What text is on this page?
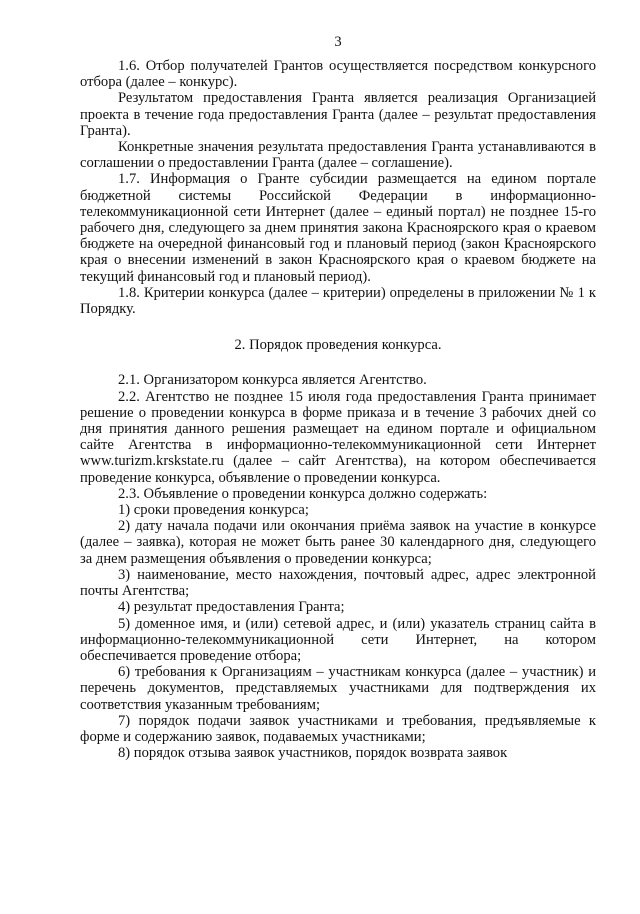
3

1.6. Отбор получателей Грантов осуществляется посредством конкурсного отбора (далее – конкурс).

Результатом предоставления Гранта является реализация Организацией проекта в течение года предоставления Гранта (далее – результат предоставления Гранта).

Конкретные значения результата предоставления Гранта устанавливаются в соглашении о предоставлении Гранта (далее – соглашение).

1.7. Информация о Гранте субсидии размещается на едином портале бюджетной системы Российской Федерации в информационно-телекоммуникационной сети Интернет (далее – единый портал) не позднее 15-го рабочего дня, следующего за днем принятия закона Красноярского края о краевом бюджете на очередной финансовый год и плановый период (закон Красноярского края о внесении изменений в закон Красноярского края о краевом бюджете на текущий финансовый год и плановый период).

1.8. Критерии конкурса (далее – критерии) определены в приложении № 1 к Порядку.

2. Порядок проведения конкурса.

2.1. Организатором конкурса является Агентство.

2.2. Агентство не позднее 15 июля года предоставления Гранта принимает решение о проведении конкурса в форме приказа и в течение 3 рабочих дней со дня принятия данного решения размещает на едином портале и официальном сайте Агентства в информационно-телекоммуникационной сети Интернет www.turizm.krskstate.ru (далее – сайт Агентства), на котором обеспечивается проведение конкурса, объявление о проведении конкурса.

2.3. Объявление о проведении конкурса должно содержать:

1) сроки проведения конкурса;

2) дату начала подачи или окончания приёма заявок на участие в конкурсе (далее – заявка), которая не может быть ранее 30 календарного дня, следующего за днем размещения объявления о проведении конкурса;

3) наименование, место нахождения, почтовый адрес, адрес электронной почты Агентства;

4) результат предоставления Гранта;

5) доменное имя, и (или) сетевой адрес, и (или) указатель страниц сайта в информационно-телекоммуникационной сети Интернет, на котором обеспечивается проведение отбора;

6) требования к Организациям – участникам конкурса (далее – участник) и перечень документов, представляемых участниками для подтверждения их соответствия указанным требованиям;

7) порядок подачи заявок участниками и требования, предъявляемые к форме и содержанию заявок, подаваемых участниками;

8) порядок отзыва заявок участников, порядок возврата заявок
